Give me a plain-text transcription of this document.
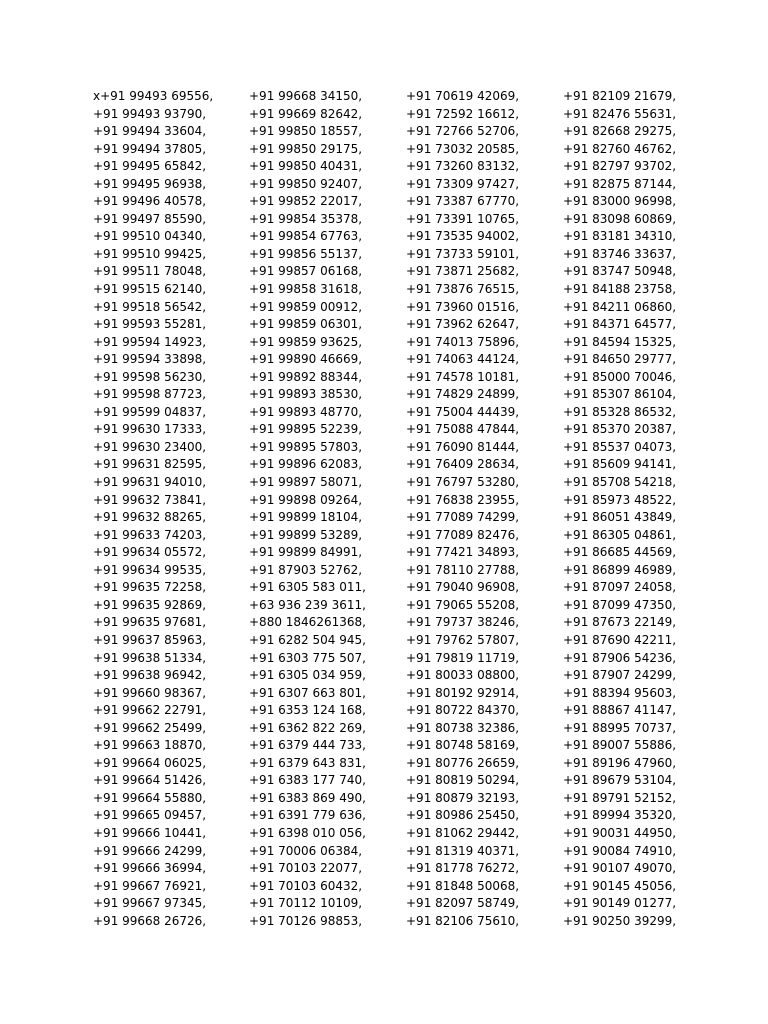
x+91 99493 69556,
+91 99493 93790,
+91 99494 33604,
+91 99494 37805,
+91 99495 65842,
+91 99495 96938,
+91 99496 40578,
+91 99497 85590,
+91 99510 04340,
+91 99510 99425,
+91 99511 78048,
+91 99515 62140,
+91 99518 56542,
+91 99593 55281,
+91 99594 14923,
+91 99594 33898,
+91 99598 56230,
+91 99598 87723,
+91 99599 04837,
+91 99630 17333,
+91 99630 23400,
+91 99631 82595,
+91 99631 94010,
+91 99632 73841,
+91 99632 88265,
+91 99633 74203,
+91 99634 05572,
+91 99634 99535,
+91 99635 72258,
+91 99635 92869,
+91 99635 97681,
+91 99637 85963,
+91 99638 51334,
+91 99638 96942,
+91 99660 98367,
+91 99662 22791,
+91 99662 25499,
+91 99663 18870,
+91 99664 06025,
+91 99664 51426,
+91 99664 55880,
+91 99665 09457,
+91 99666 10441,
+91 99666 24299,
+91 99666 36994,
+91 99667 76921,
+91 99667 97345,
+91 99668 26726,
+91 99668 34150,
+91 99669 82642,
+91 99850 18557,
+91 99850 29175,
+91 99850 40431,
+91 99850 92407,
+91 99852 22017,
+91 99854 35378,
+91 99854 67763,
+91 99856 55137,
+91 99857 06168,
+91 99858 31618,
+91 99859 00912,
+91 99859 06301,
+91 99859 93625,
+91 99890 46669,
+91 99892 88344,
+91 99893 38530,
+91 99893 48770,
+91 99895 52239,
+91 99895 57803,
+91 99896 62083,
+91 99897 58071,
+91 99898 09264,
+91 99899 18104,
+91 99899 53289,
+91 99899 84991,
+91 87903 52762,
+91 6305 583 011,
+63 936 239 3611,
+880 1846261368,
+91 6282 504 945,
+91 6303 775 507,
+91 6305 034 959,
+91 6307 663 801,
+91 6353 124 168,
+91 6362 822 269,
+91 6379 444 733,
+91 6379 643 831,
+91 6383 177 740,
+91 6383 869 490,
+91 6391 779 636,
+91 6398 010 056,
+91 70006 06384,
+91 70103 22077,
+91 70103 60432,
+91 70112 10109,
+91 70126 98853,
+91 70619 42069,
+91 72592 16612,
+91 72766 52706,
+91 73032 20585,
+91 73260 83132,
+91 73309 97427,
+91 73387 67770,
+91 73391 10765,
+91 73535 94002,
+91 73733 59101,
+91 73871 25682,
+91 73876 76515,
+91 73960 01516,
+91 73962 62647,
+91 74013 75896,
+91 74063 44124,
+91 74578 10181,
+91 74829 24899,
+91 75004 44439,
+91 75088 47844,
+91 76090 81444,
+91 76409 28634,
+91 76797 53280,
+91 76838 23955,
+91 77089 74299,
+91 77089 82476,
+91 77421 34893,
+91 78110 27788,
+91 79040 96908,
+91 79065 55208,
+91 79737 38246,
+91 79762 57807,
+91 79819 11719,
+91 80033 08800,
+91 80192 92914,
+91 80722 84370,
+91 80738 32386,
+91 80748 58169,
+91 80776 26659,
+91 80819 50294,
+91 80879 32193,
+91 80986 25450,
+91 81062 29442,
+91 81319 40371,
+91 81778 76272,
+91 81848 50068,
+91 82097 58749,
+91 82106 75610,
+91 82109 21679,
+91 82476 55631,
+91 82668 29275,
+91 82760 46762,
+91 82797 93702,
+91 82875 87144,
+91 83000 96998,
+91 83098 60869,
+91 83181 34310,
+91 83746 33637,
+91 83747 50948,
+91 84188 23758,
+91 84211 06860,
+91 84371 64577,
+91 84594 15325,
+91 84650 29777,
+91 85000 70046,
+91 85307 86104,
+91 85328 86532,
+91 85370 20387,
+91 85537 04073,
+91 85609 94141,
+91 85708 54218,
+91 85973 48522,
+91 86051 43849,
+91 86305 04861,
+91 86685 44569,
+91 86899 46989,
+91 87097 24058,
+91 87099 47350,
+91 87673 22149,
+91 87690 42211,
+91 87906 54236,
+91 87907 24299,
+91 88394 95603,
+91 88867 41147,
+91 88995 70737,
+91 89007 55886,
+91 89196 47960,
+91 89679 53104,
+91 89791 52152,
+91 89994 35320,
+91 90031 44950,
+91 90084 74910,
+91 90107 49070,
+91 90145 45056,
+91 90149 01277,
+91 90250 39299,
